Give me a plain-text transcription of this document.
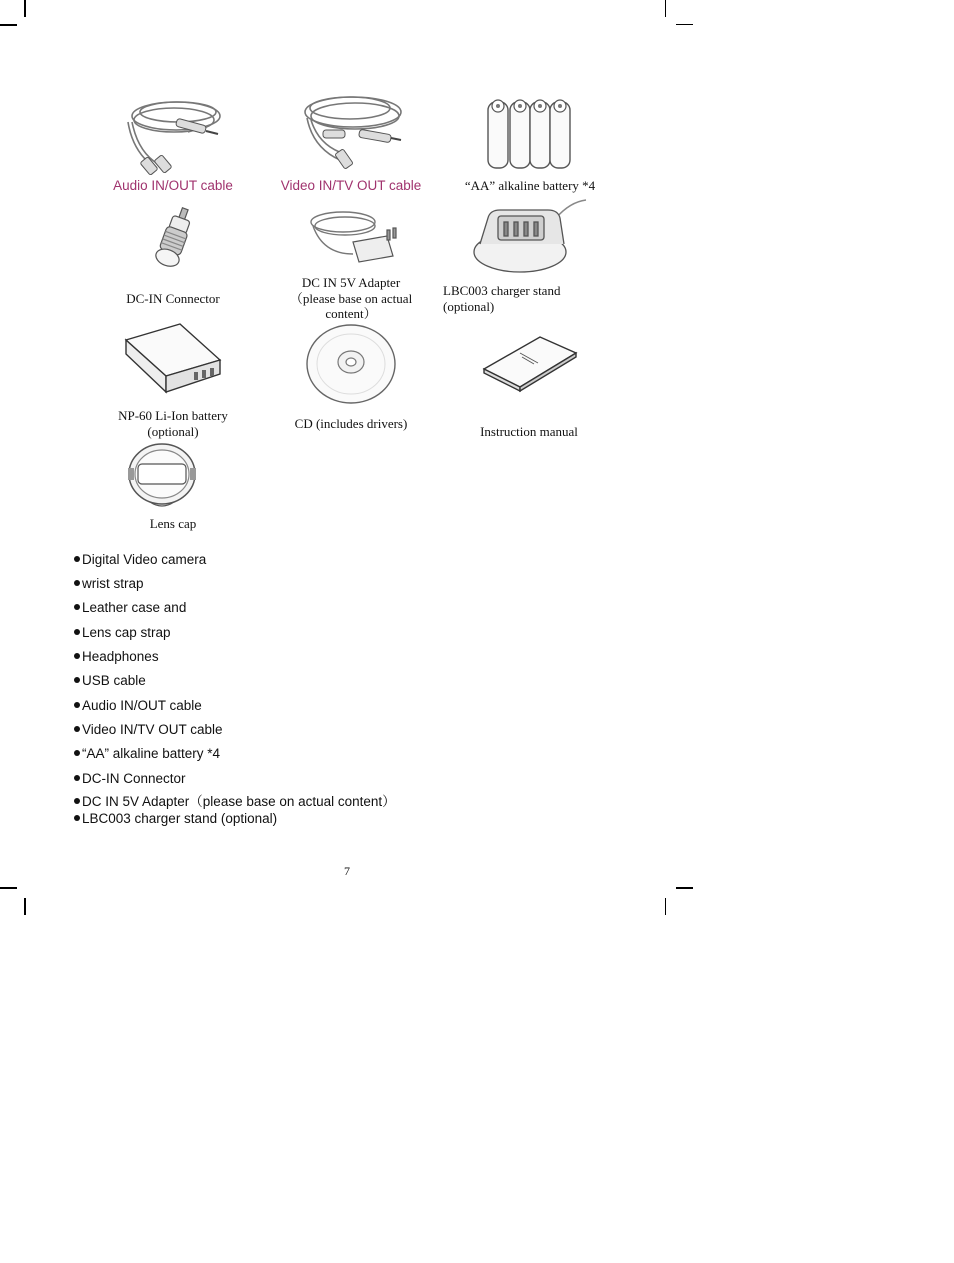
Audio IN/OUT cable	Video IN/TV OUT cable	“AA” alkaline battery *4
DC-IN Connector
DC IN 5V Adapter
（please base on actual
content）
LBC003 charger stand
(optional)
NP-60 Li-Ion battery
(optional)
CD (includes drivers)
Instruction manual
Lens cap
Digital Video camera
wrist strap
Leather case and
Lens cap strap
Headphones
USB cable
Audio IN/OUT cable
Video IN/TV OUT cable
“AA” alkaline battery *4
DC-IN Connector
DC IN 5V Adapter（please base on actual content）
LBC003 charger stand (optional)
7
